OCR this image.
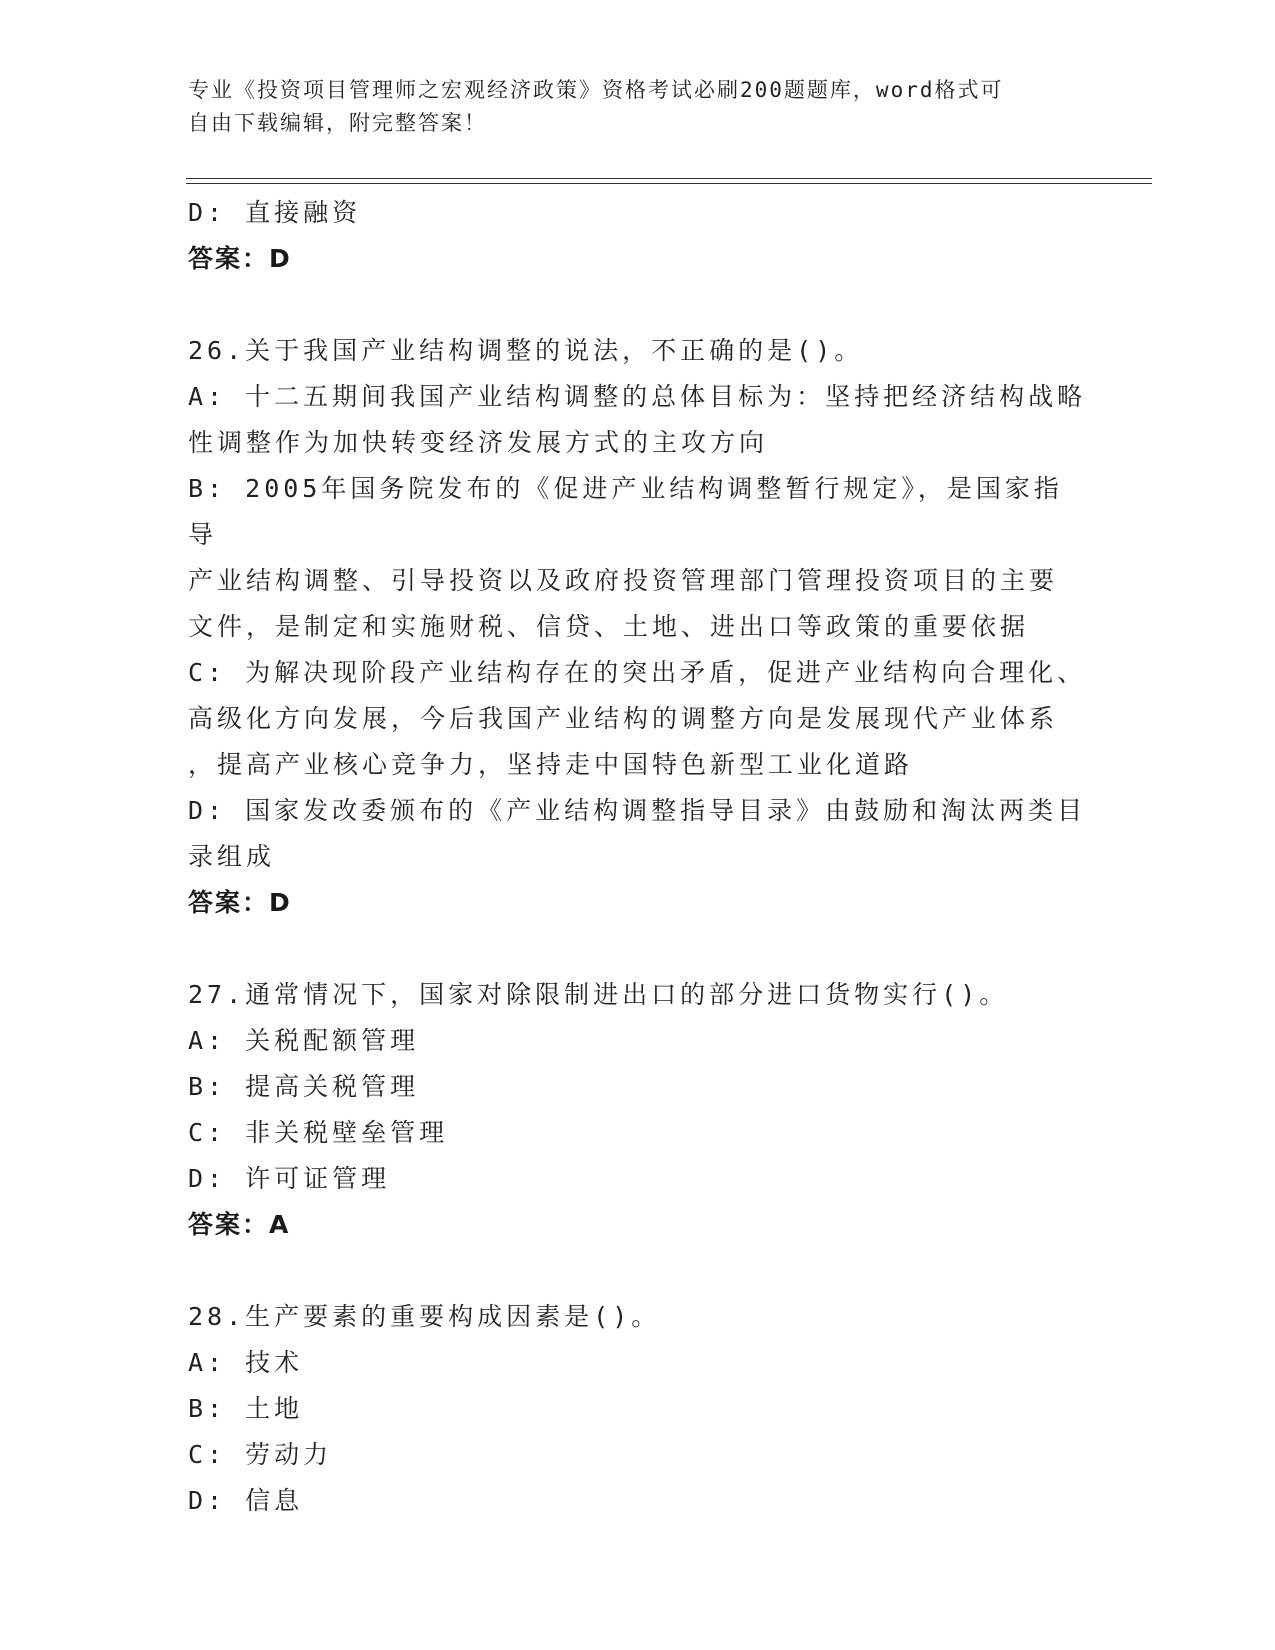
专业《投资项目管理师之宏观经济政策》资格考试必刷200题题库，word格式可
自由下载编辑，附完整答案！
D: 直接融资
答案：D
26.关于我国产业结构调整的说法，不正确的是()。
A: 十二五期间我国产业结构调整的总体目标为：坚持把经济结构战略
性调整作为加快转变经济发展方式的主攻方向
B: 2005年国务院发布的《促进产业结构调整暂行规定》，是国家指导
产业结构调整、引导投资以及政府投资管理部门管理投资项目的主要
文件，是制定和实施财税、信贷、土地、进出口等政策的重要依据
C: 为解决现阶段产业结构存在的突出矛盾，促进产业结构向合理化、
高级化方向发展，今后我国产业结构的调整方向是发展现代产业体系
，提高产业核心竞争力，坚持走中国特色新型工业化道路
D: 国家发改委颁布的《产业结构调整指导目录》由鼓励和淘汰两类目
录组成
答案：D
27.通常情况下，国家对除限制进出口的部分进口货物实行()。
A: 关税配额管理
B: 提高关税管理
C: 非关税壁垒管理
D: 许可证管理
答案：A
28.生产要素的重要构成因素是()。
A: 技术
B: 土地
C: 劳动力
D: 信息
